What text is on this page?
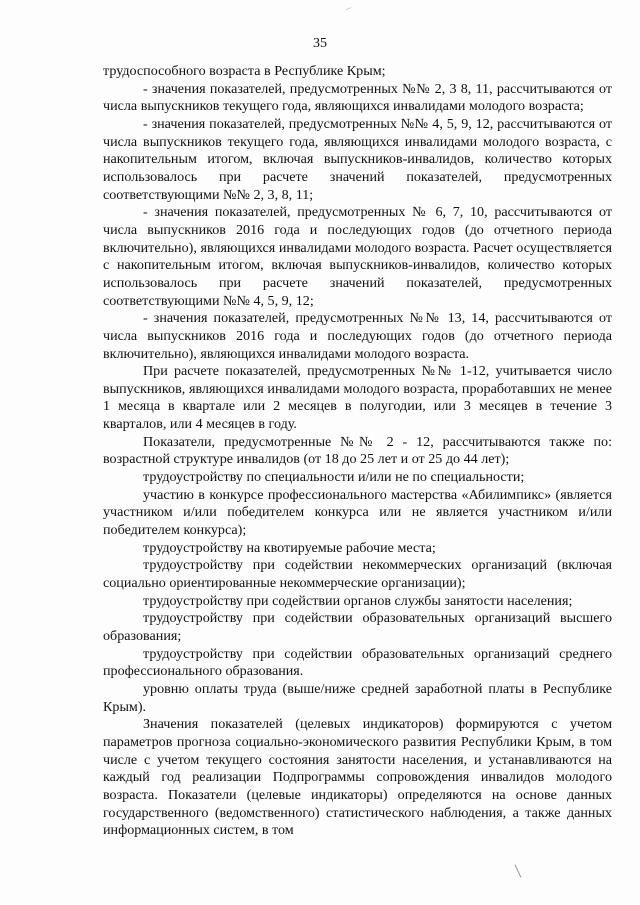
35

трудоспособного возраста в Республике Крым;

- значения показателей, предусмотренных №№ 2, 3 8, 11, рассчитываются от числа выпускников текущего года, являющихся инвалидами молодого возраста;

- значения показателей, предусмотренных №№ 4, 5, 9, 12, рассчитываются от числа выпускников текущего года, являющихся инвалидами молодого возраста, с накопительным итогом, включая выпускников-инвалидов, количество которых использовалось при расчете значений показателей, предусмотренных соответствующими №№ 2, 3, 8, 11;

- значения показателей, предусмотренных № 6, 7, 10, рассчитываются от числа выпускников 2016 года и последующих годов (до отчетного периода включительно), являющихся инвалидами молодого возраста. Расчет осуществляется с накопительным итогом, включая выпускников-инвалидов, количество которых использовалось при расчете значений показателей, предусмотренных соответствующими №№ 4, 5, 9, 12;

- значения показателей, предусмотренных №№ 13, 14, рассчитываются от числа выпускников 2016 года и последующих годов (до отчетного периода включительно), являющихся инвалидами молодого возраста.

При расчете показателей, предусмотренных №№ 1-12, учитывается число выпускников, являющихся инвалидами молодого возраста, проработавших не менее 1 месяца в квартале или 2 месяцев в полугодии, или 3 месяцев в течение 3 кварталов, или 4 месяцев в году.

Показатели, предусмотренные №№ 2 - 12, рассчитываются также по: возрастной структуре инвалидов (от 18 до 25 лет и от 25 до 44 лет);

трудоустройству по специальности и/или не по специальности;

участию в конкурсе профессионального мастерства «Абилимпикс» (является участником и/или победителем конкурса или не является участником и/или победителем конкурса);

трудоустройству на квотируемые рабочие места;

трудоустройству при содействии некоммерческих организаций (включая социально ориентированные некоммерческие организации);

трудоустройству при содействии органов службы занятости населения;

трудоустройству при содействии образовательных организаций высшего образования;

трудоустройству при содействии образовательных организаций среднего профессионального образования.

уровню оплаты труда (выше/ниже средней заработной платы в Республике Крым).

Значения показателей (целевых индикаторов) формируются с учетом параметров прогноза социально-экономического развития Республики Крым, в том числе с учетом текущего состояния занятости населения, и устанавливаются на каждый год реализации Подпрограммы сопровождения инвалидов молодого возраста. Показатели (целевые индикаторы) определяются на основе данных государственного (ведомственного) статистического наблюдения, а также данных информационных систем, в том
